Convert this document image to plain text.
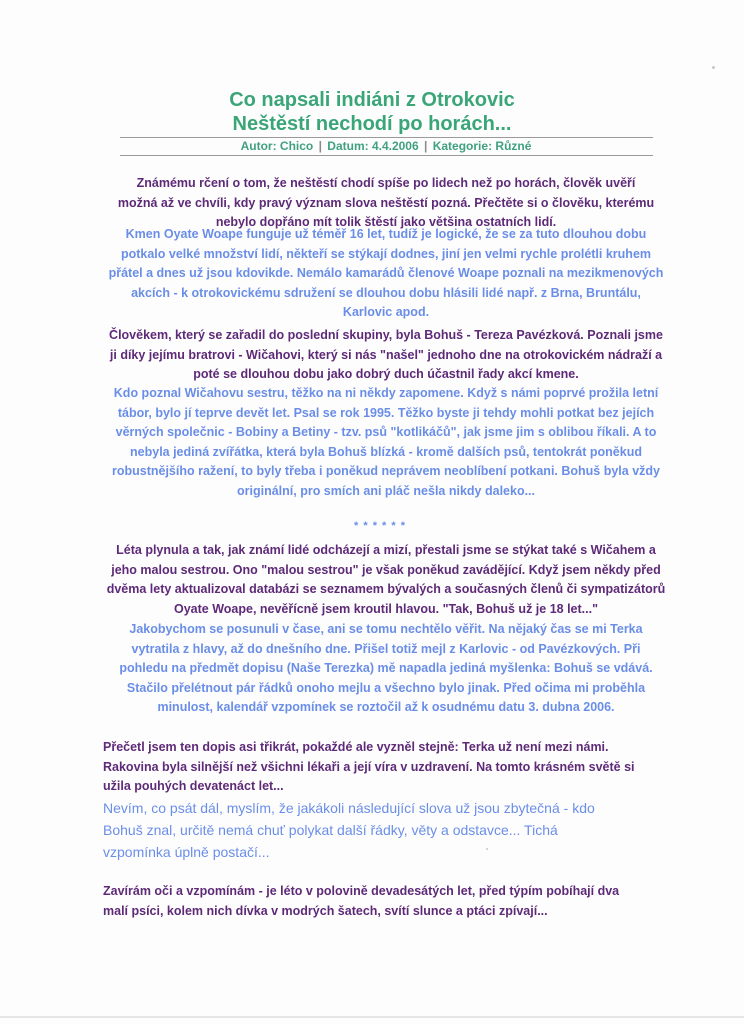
Co napsali indiáni z Otrokovic
Neštěstí nechodí po horách...
Autor: Chico | Datum: 4.4.2006 | Kategorie: Různé
Známému rčení o tom, že neštěstí chodí spíše po lidech než po horách, člověk uvěří
možná až ve chvíli, kdy pravý význam slova neštěstí pozná. Přečtěte si o člověku, kterému
nebylo dopřáno mít tolik štěstí jako většina ostatních lidí.
Kmen Oyate Woape funguje už téměř 16 let, tudíž je logické, že se za tuto dlouhou dobu
potkalo velké množství lidí, někteří se stýkají dodnes, jiní jen velmi rychle prolétli kruhem
přátel a dnes už jsou kdovikde. Nemálo kamarádů členové Woape poznali na mezikmenových
akcích - k otrokovickému sdružení se dlouhou dobu hlásili lidé např. z Brna, Bruntálu,
Karlovic apod.
Člověkem, který se zařadil do poslední skupiny, byla Bohuš - Tereza Pavézková. Poznali jsme
ji díky jejímu bratrovi - Wičahovi, který si nás "našel" jednoho dne na otrokovickém nádraží a
poté se dlouhou dobu jako dobrý duch účastnil řady akcí kmene.
Kdo poznal Wičahovu sestru, těžko na ni někdy zapomene. Když s námi poprvé prožila letní
tábor, bylo jí teprve devět let. Psal se rok 1995. Těžko byste ji tehdy mohli potkat bez jejích
věrných společnic - Bobiny a Betiny - tzv. psů "kotlikáčů", jak jsme jim s oblibou říkali. A to
nebyla jediná zvířátka, která byla Bohuš blízká - kromě dalších psů, tentokrát poněkud
robustnějšího ražení, to byly třeba i poněkud neprávem neoblíbení potkani. Bohuš byla vždy
originální, pro smích ani pláč nešla nikdy daleko...
* * * * * *
Léta plynula a tak, jak známí lidé odcházejí a mizí, přestali jsme se stýkat také s Wičahem a
jeho malou sestrou. Ono "malou sestrou" je však poněkud zavádějící. Když jsem někdy před
dvěma lety aktualizoval databázi se seznamem bývalých a současných členů či sympatizátorů
Oyate Woape, nevěřícně jsem kroutil hlavou. "Tak, Bohuš už je 18 let..."
Jakobychom se posunuli v čase, ani se tomu nechtělo věřit. Na nějaký čas se mi Terka
vytratila z hlavy, až do dnešního dne. Přišel totiž mejl z Karlovic - od Pavézkových. Při
pohledu na předmět dopisu (Naše Terezka) mě napadla jediná myšlenka: Bohuš se vdává.
Stačilo přelétnout pár řádků onoho mejlu a všechno bylo jinak. Před očima mi proběhla
minulost, kalendář vzpomínek se roztočil až k osudnému datu 3. dubna 2006.
Přečetl jsem ten dopis asi třikrát, pokaždé ale vyzněl stejně: Terka už není mezi námi.
Rakovina byla silnější než všichni lékaři a její víra v uzdravení. Na tomto krásném světě si
užila pouhých devatenáct let...
Nevím, co psát dál, myslím, že jakákoli následující slova už jsou zbytečná - kdo
Bohuš znal, určitě nemá chuť polykat další řádky, věty a odstavce... Tichá
vzpomínka úplně postačí...
Zavírám oči a vzpomínám - je léto v polovině devadesátých let, před týpím pobíhají dva
malí psíci, kolem nich dívka v modrých šatech, svítí slunce a ptáci zpívají...
